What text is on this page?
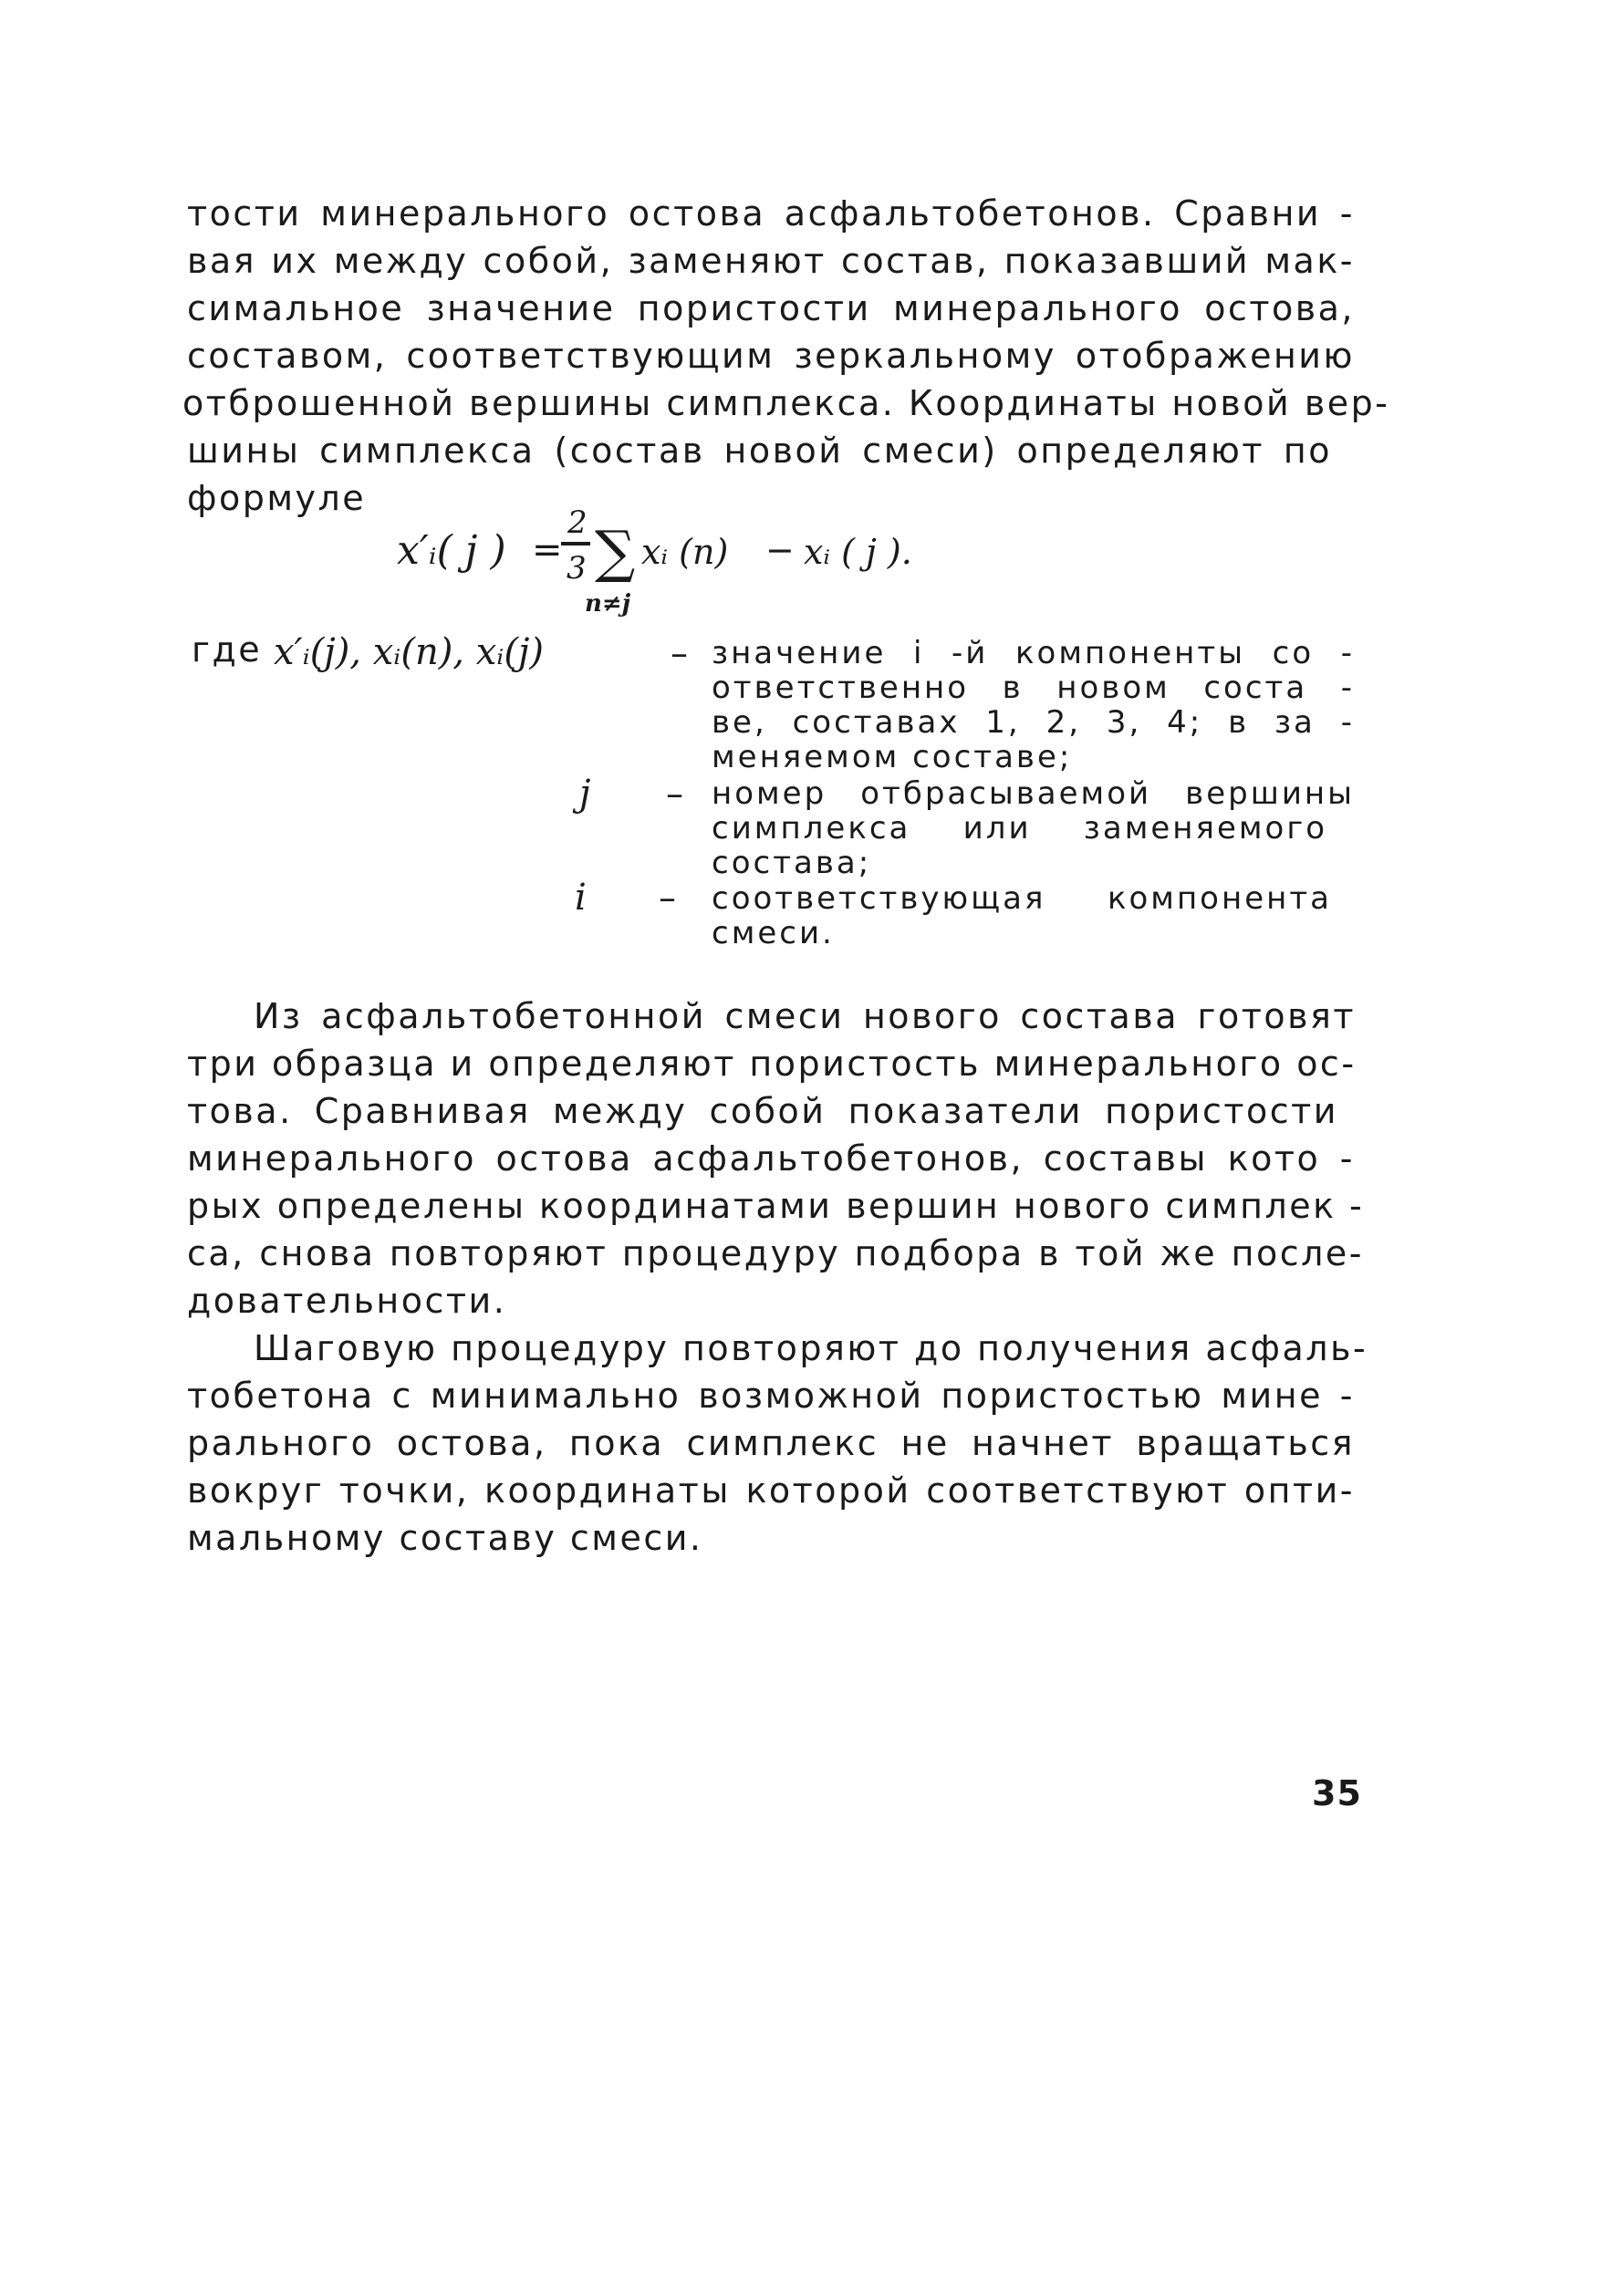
тости минерального остова асфальтобетонов. Сравни -
вая их между собой, заменяют состав, показавший мак-
симальное значение пористости минерального остова,
составом, соответствующим зеркальному отображению
отброшенной вершины симплекса. Координаты новой вер-
шины симплекса (состав новой смеси) определяют по
формуле
x′ᵢ( j ) =
2
3 ∑
n≠j
xᵢ (n) − xᵢ ( j ).
где x′ᵢ(j), xᵢ(n), xᵢ(j)	– значение i -й компоненты со -
ответственно в новом соста -
ве, составах 1, 2, 3, 4; в за -
меняемом составе;
j – номер отбрасываемой вершины
симплекса или заменяемого
состава;
i – соответствующая компонента
смеси.
Из асфальтобетонной смеси нового состава готовят
три образца и определяют пористость минерального ос-
това. Сравнивая между собой показатели пористости
минерального остова асфальтобетонов, составы кото -
рых определены координатами вершин нового симплек -
са, снова повторяют процедуру подбора в той же после-
довательности.
Шаговую процедуру повторяют до получения асфаль-
тобетона с минимально возможной пористостью мине -
рального остова, пока симплекс не начнет вращаться
вокруг точки, координаты которой соответствуют опти-
мальному составу смеси.
35
